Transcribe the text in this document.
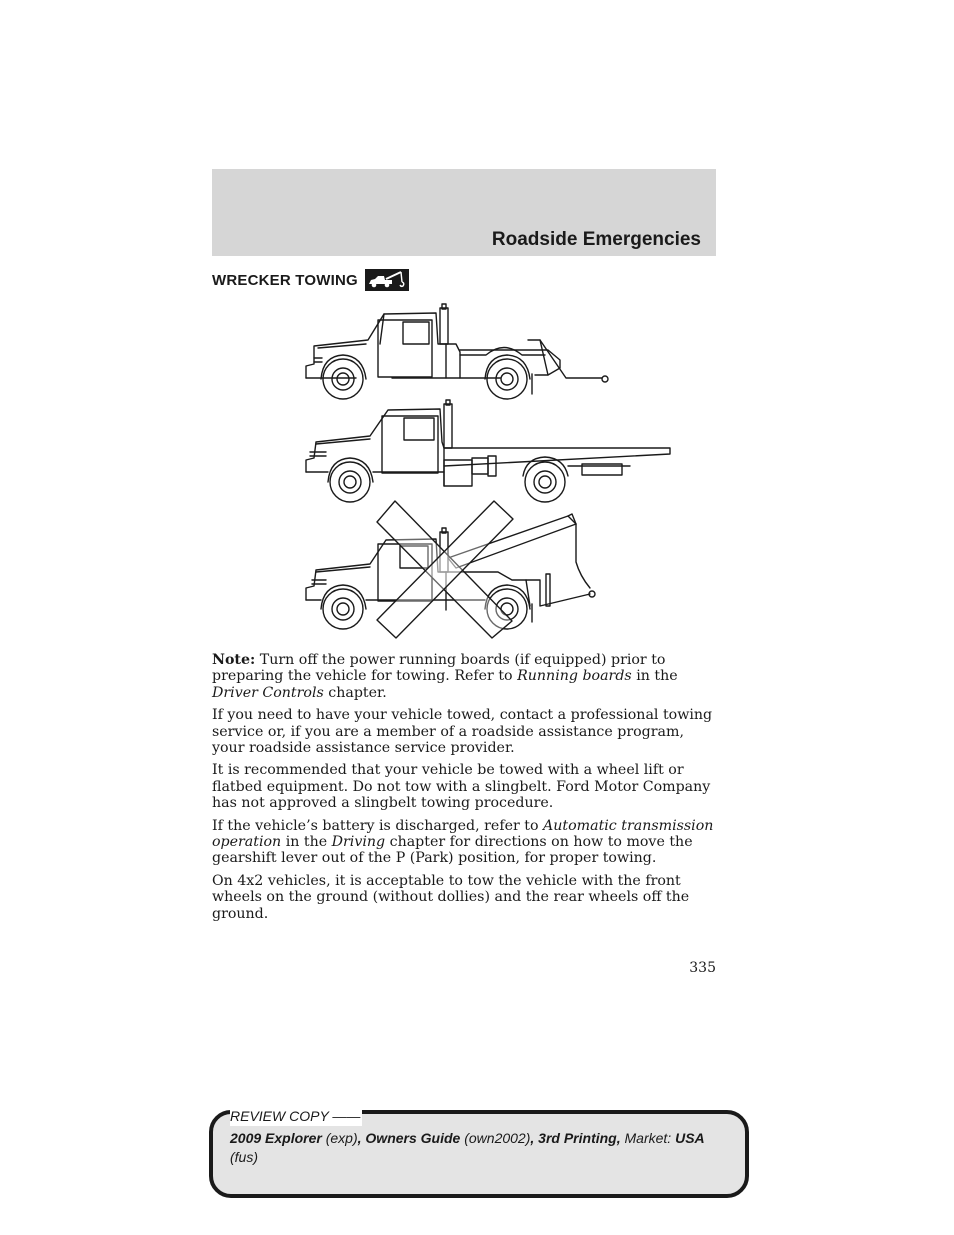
Roadside Emergencies
WRECKER TOWING

Note: Turn off the power running boards (if equipped) prior to preparing the vehicle for towing. Refer to Running boards in the Driver Controls chapter.

If you need to have your vehicle towed, contact a professional towing service or, if you are a member of a roadside assistance program, your roadside assistance service provider.

It is recommended that your vehicle be towed with a wheel lift or flatbed equipment. Do not tow with a slingbelt. Ford Motor Company has not approved a slingbelt towing procedure.

If the vehicle’s battery is discharged, refer to Automatic transmission operation in the Driving chapter for directions on how to move the gearshift lever out of the P (Park) position, for proper towing.

On 4x2 vehicles, it is acceptable to tow the vehicle with the front wheels on the ground (without dollies) and the rear wheels off the ground.

335
REVIEW COPY ——
2009 Explorer (exp), Owners Guide (own2002), 3rd Printing, Market: USA
(fus)
